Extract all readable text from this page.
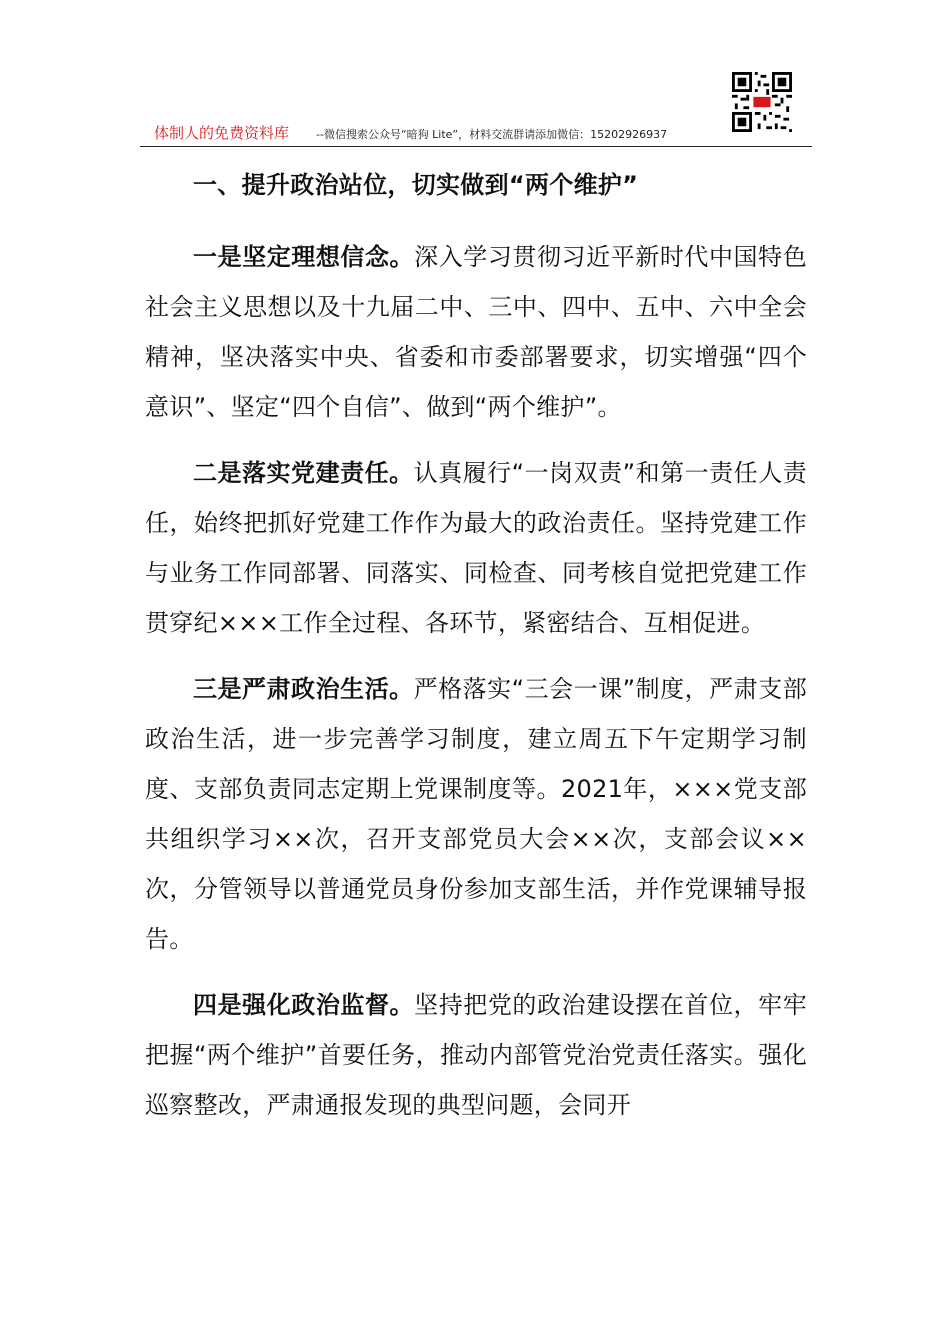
体制人的免费资料库 --微信搜索公众号“暗狗 Lite”，材料交流群请添加微信：15202926937
一、提升政治站位，切实做到“两个维护”

一是坚定理想信念。深入学习贯彻习近平新时代中国特色社会主义思想以及十九届二中、三中、四中、五中、六中全会精神，坚决落实中央、省委和市委部署要求，切实增强“四个意识”、坚定“四个自信”、做到“两个维护”。

二是落实党建责任。认真履行“一岗双责”和第一责任人责任，始终把抓好党建工作作为最大的政治责任。坚持党建工作与业务工作同部署、同落实、同检查、同考核自觉把党建工作贯穿纪×××工作全过程、各环节，紧密结合、互相促进。

三是严肃政治生活。严格落实“三会一课”制度，严肃支部政治生活，进一步完善学习制度，建立周五下午定期学习制度、支部负责同志定期上党课制度等。2021年，×××党支部共组织学习××次，召开支部党员大会××次，支部会议××次，分管领导以普通党员身份参加支部生活，并作党课辅导报告。

四是强化政治监督。坚持把党的政治建设摆在首位，牢牢把握“两个维护”首要任务，推动内部管党治党责任落实。强化巡察整改，严肃通报发现的典型问题，会同开
